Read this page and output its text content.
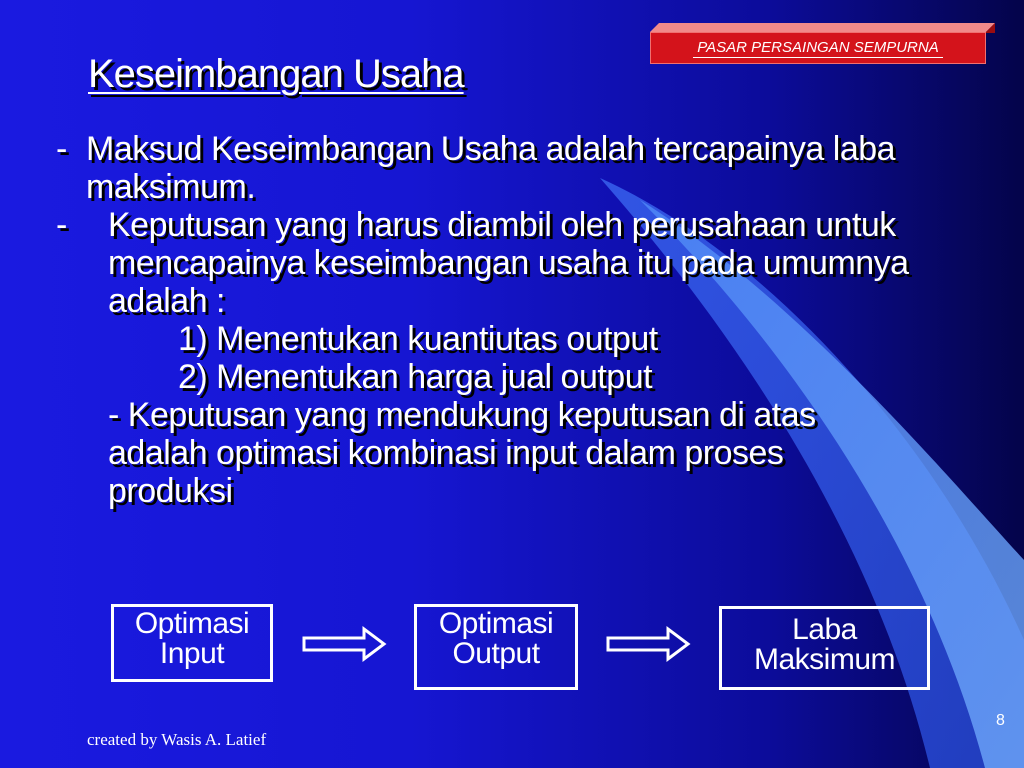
PASAR PERSAINGAN SEMPURNA
Keseimbangan Usaha
- Maksud Keseimbangan Usaha adalah tercapainya laba
maksimum.
- Keputusan yang harus diambil oleh perusahaan untuk
mencapainya keseimbangan usaha itu pada umumnya
adalah :
1) Menentukan kuantiutas output
2) Menentukan harga jual output
- Keputusan yang mendukung keputusan di atas
adalah optimasi kombinasi input dalam proses
produksi
Optimasi
Input
Optimasi
Output
Laba
Maksimum
created by Wasis A. Latief
8
